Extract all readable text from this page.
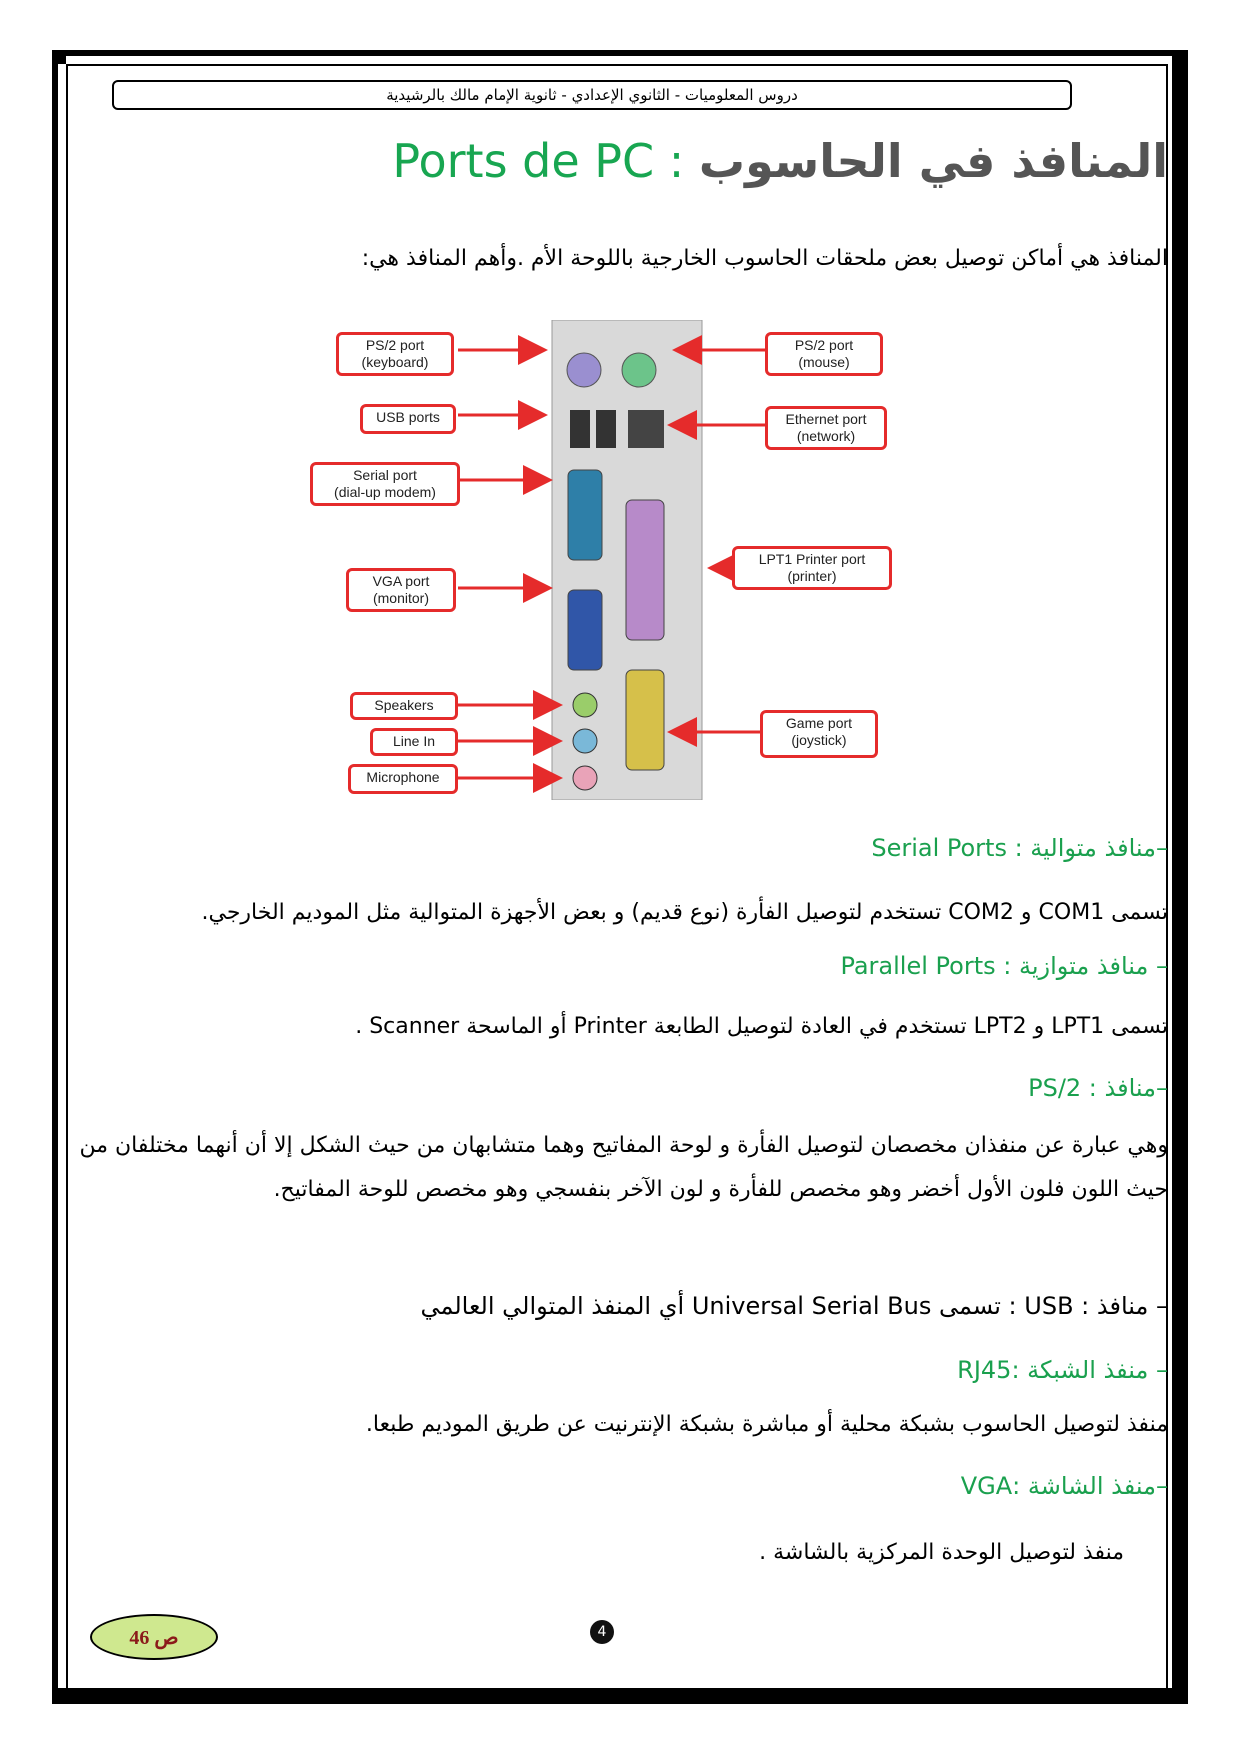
دروس المعلوميات - الثانوي الإعدادي - ثانوية الإمام مالك بالرشيدية
Ports de PC : المنافذ في الحاسوب
المنافذ هي أماكن توصيل بعض ملحقات الحاسوب الخارجية باللوحة الأم .وأهم المنافذ هي:
PS/2 port
(keyboard)
USB ports
Serial port
(dial-up modem)
VGA port
(monitor)
Speakers
Line In
Microphone
PS/2 port
(mouse)
Ethernet port
(network)
LPT1 Printer port
(printer)
Game port
(joystick)
–منافذ متوالية : Serial Ports
تسمى COM1 و COM2 تستخدم لتوصيل الفأرة (نوع قديم) و بعض الأجهزة المتوالية مثل الموديم الخارجي.
– منافذ متوازية : Parallel Ports
تسمى LPT1 و LPT2 تستخدم في العادة لتوصيل الطابعة Printer أو الماسحة Scanner .
–منافذ : PS/2
وهي عبارة عن منفذان مخصصان لتوصيل الفأرة و لوحة المفاتيح وهما متشابهان من حيث الشكل إلا أن أنهما مختلفان من حيث اللون فلون الأول أخضر وهو مخصص للفأرة و لون الآخر بنفسجي وهو مخصص للوحة المفاتيح.
– منافذ : USB : تسمى Universal Serial Bus أي المنفذ المتوالي العالمي
– منفذ الشبكة :RJ45
منفذ لتوصيل الحاسوب بشبكة محلية أو مباشرة بشبكة الإنترنيت عن طريق الموديم طبعا.
–منفذ الشاشة :VGA
منفذ لتوصيل الوحدة المركزية بالشاشة .
ص 46	4
